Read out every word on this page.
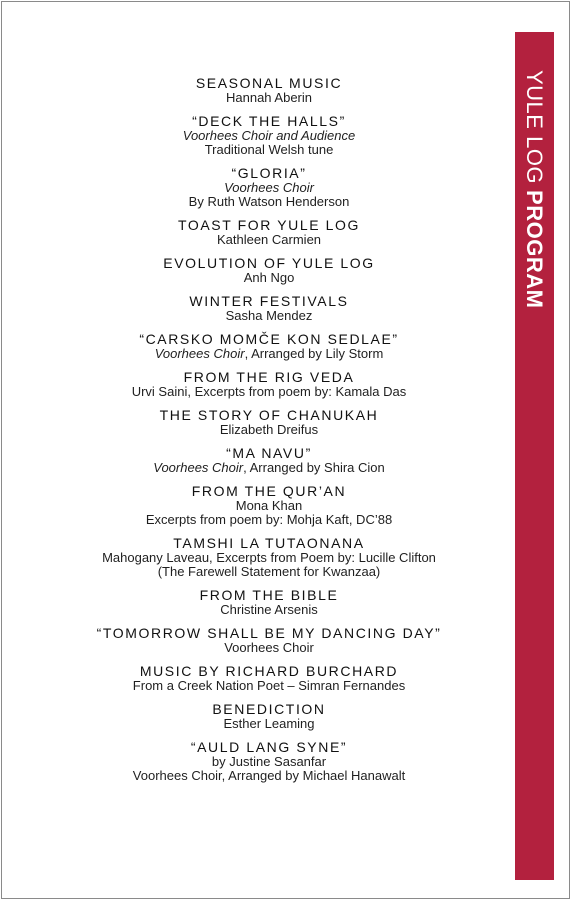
YULE LOGPROGRAM
SEASONAL MUSIC
Hannah Aberin
“DECK THE HALLS”
Voorhees Choir and Audience
Traditional Welsh tune
“GLORIA”
Voorhees Choir
By Ruth Watson Henderson
TOAST FOR YULE LOG
Kathleen Carmien
EVOLUTION OF YULE LOG
Anh Ngo
WINTER FESTIVALS
Sasha Mendez
“CARSKO MOMČE KON SEDLAE”
Voorhees Choir, Arranged by Lily Storm
FROM THE RIG VEDA
Urvi Saini, Excerpts from poem by: Kamala Das
THE STORY OF CHANUKAH
Elizabeth Dreifus
“MA NAVU”
Voorhees Choir, Arranged by Shira Cion
FROM THE QUR’AN
Mona Khan
Excerpts from poem by: Mohja Kaft, DC’88
TAMSHI LA TUTAONANA
Mahogany Laveau, Excerpts from Poem by: Lucille Clifton
(The Farewell Statement for Kwanzaa)
FROM THE BIBLE
Christine Arsenis
“TOMORROW SHALL BE MY DANCING DAY”
Voorhees Choir
MUSIC BY RICHARD BURCHARD
From a Creek Nation Poet – Simran Fernandes
BENEDICTION
Esther Leaming
“AULD LANG SYNE”
by Justine Sasanfar
Voorhees Choir, Arranged by Michael Hanawalt
